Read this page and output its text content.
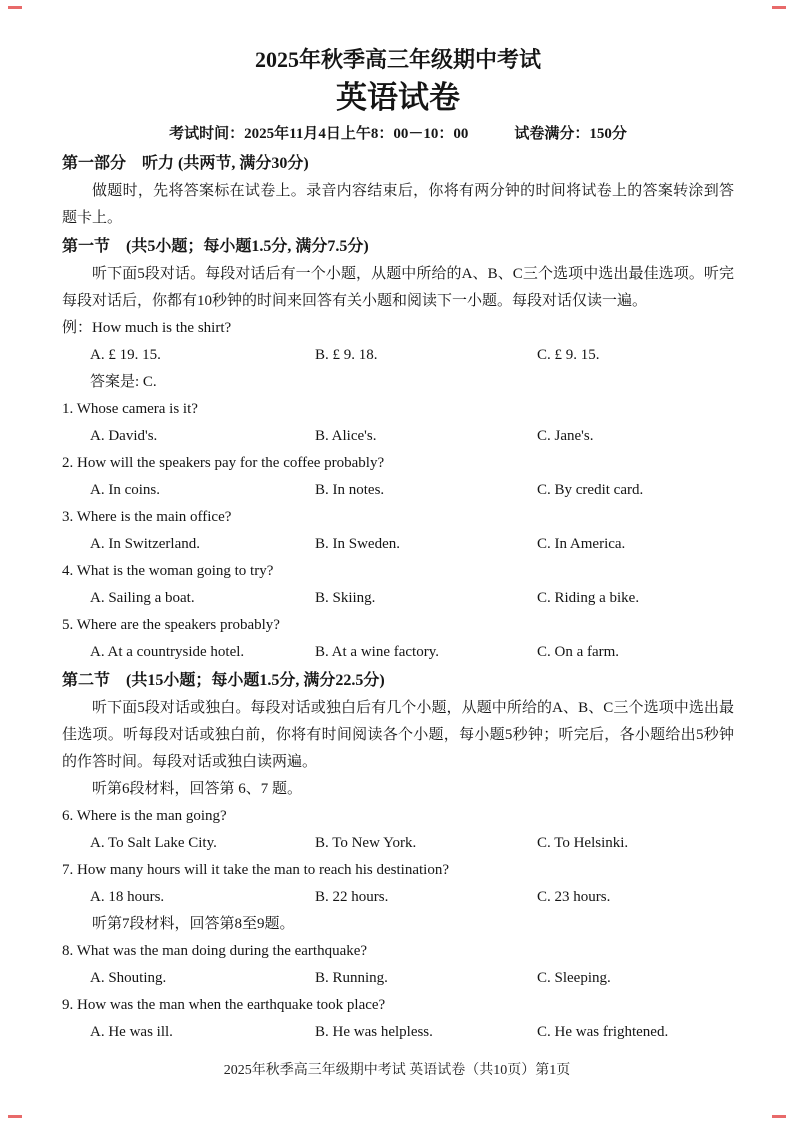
2025年秋季高三年级期中考试
英语试卷
考试时间：2025年11月4日上午8：00－10：00	试卷满分：150分
第一部分　听力 (共两节, 满分30分)
做题时，先将答案标在试卷上。录音内容结束后，你将有两分钟的时间将试卷上的答案转涂到答题卡上。
第一节　(共5小题；每小题1.5分, 满分7.5分)
听下面5段对话。每段对话后有一个小题，从题中所给的A、B、C三个选项中选出最佳选项。听完每段对话后，你都有10秒钟的时间来回答有关小题和阅读下一小题。每段对话仅读一遍。
例：How much is the shirt?
A. £ 19. 15.	B. £ 9. 18.	C. £ 9. 15.
答案是: C.
1. Whose camera is it?
A. David's.	B. Alice's.	C. Jane's.
2. How will the speakers pay for the coffee probably?
A. In coins.	B. In notes.	C. By credit card.
3. Where is the main office?
A. In Switzerland.	B. In Sweden.	C. In America.
4. What is the woman going to try?
A. Sailing a boat.	B. Skiing.	C. Riding a bike.
5. Where are the speakers probably?
A. At a countryside hotel.	B. At a wine factory.	C. On a farm.
第二节　(共15小题；每小题1.5分, 满分22.5分)
听下面5段对话或独白。每段对话或独白后有几个小题，从题中所给的A、B、C三个选项中选出最佳选项。听每段对话或独白前，你将有时间阅读各个小题，每小题5秒钟；听完后，各小题给出5秒钟的作答时间。每段对话或独白读两遍。
听第6段材料，回答第 6、7 题。
6. Where is the man going?
A. To Salt Lake City.	B. To New York.	C. To Helsinki.
7. How many hours will it take the man to reach his destination?
A. 18 hours.	B. 22 hours.	C. 23 hours.
听第7段材料，回答第8至9题。
8. What was the man doing during the earthquake?
A. Shouting.	B. Running.	C. Sleeping.
9. How was the man when the earthquake took place?
A. He was ill.	B. He was helpless.	C. He was frightened.
2025年秋季高三年级期中考试 英语试卷（共10页）第1页
